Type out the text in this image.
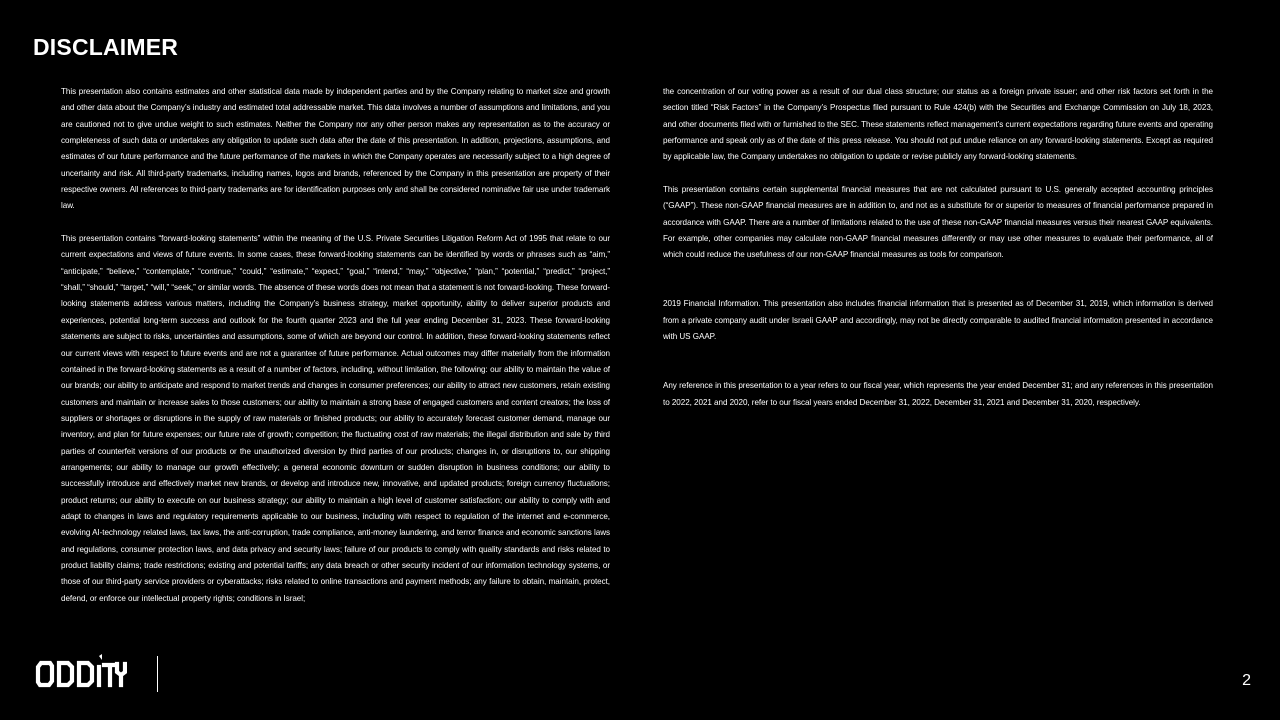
DISCLAIMER

This presentation also contains estimates and other statistical data made by independent parties and by the Company relating to market size and growth and other data about the Company’s industry and estimated total addressable market. This data involves a number of assumptions and limitations, and you are cautioned not to give undue weight to such estimates. Neither the Company nor any other person makes any representation as to the accuracy or completeness of such data or undertakes any obligation to update such data after the date of this presentation. In addition, projections, assumptions, and estimates of our future performance and the future performance of the markets in which the Company operates are necessarily subject to a high degree of uncertainty and risk. All third-party trademarks, including names, logos and brands, referenced by the Company in this presentation are property of their respective owners. All references to third-party trademarks are for identification purposes only and shall be considered nominative fair use under trademark law.

This presentation contains “forward-looking statements” within the meaning of the U.S. Private Securities Litigation Reform Act of 1995 that relate to our current expectations and views of future events. In some cases, these forward-looking statements can be identified by words or phrases such as “aim,” “anticipate,” “believe,” “contemplate,” “continue,” “could,” “estimate,” “expect,” “goal,” “intend,” “may,” “objective,” “plan,” “potential,” “predict,” “project,” “shall,” “should,” “target,” “will,” “seek,” or similar words. The absence of these words does not mean that a statement is not forward-looking. These forward-looking statements address various matters, including the Company’s business strategy, market opportunity, ability to deliver superior products and experiences, potential long-term success and outlook for the fourth quarter 2023 and the full year ending December 31, 2023. These forward-looking statements are subject to risks, uncertainties and assumptions, some of which are beyond our control. In addition, these forward-looking statements reflect our current views with respect to future events and are not a guarantee of future performance. Actual outcomes may differ materially from the information contained in the forward-looking statements as a result of a number of factors, including, without limitation, the following: our ability to maintain the value of our brands; our ability to anticipate and respond to market trends and changes in consumer preferences; our ability to attract new customers, retain existing customers and maintain or increase sales to those customers; our ability to maintain a strong base of engaged customers and content creators; the loss of suppliers or shortages or disruptions in the supply of raw materials or finished products; our ability to accurately forecast customer demand, manage our inventory, and plan for future expenses; our future rate of growth; competition; the fluctuating cost of raw materials; the illegal distribution and sale by third parties of counterfeit versions of our products or the unauthorized diversion by third parties of our products; changes in, or disruptions to, our shipping arrangements; our ability to manage our growth effectively; a general economic downturn or sudden disruption in business conditions; our ability to successfully introduce and effectively market new brands, or develop and introduce new, innovative, and updated products; foreign currency fluctuations; product returns; our ability to execute on our business strategy; our ability to maintain a high level of customer satisfaction; our ability to comply with and adapt to changes in laws and regulatory requirements applicable to our business, including with respect to regulation of the internet and e-commerce, evolving AI-technology related laws, tax laws, the anti-corruption, trade compliance, anti-money laundering, and terror finance and economic sanctions laws and regulations, consumer protection laws, and data privacy and security laws; failure of our products to comply with quality standards and risks related to product liability claims; trade restrictions; existing and potential tariffs; any data breach or other security incident of our information technology systems, or those of our third-party service providers or cyberattacks; risks related to online transactions and payment methods; any failure to obtain, maintain, protect, defend, or enforce our intellectual property rights; conditions in Israel;

the concentration of our voting power as a result of our dual class structure; our status as a foreign private issuer; and other risk factors set forth in the section titled “Risk Factors” in the Company’s Prospectus filed pursuant to Rule 424(b) with the Securities and Exchange Commission on July 18, 2023, and other documents filed with or furnished to the SEC. These statements reflect management’s current expectations regarding future events and operating performance and speak only as of the date of this press release. You should not put undue reliance on any forward-looking statements. Except as required by applicable law, the Company undertakes no obligation to update or revise publicly any forward-looking statements.

This presentation contains certain supplemental financial measures that are not calculated pursuant to U.S. generally accepted accounting principles (“GAAP”). These non-GAAP financial measures are in addition to, and not as a substitute for or superior to measures of financial performance prepared in accordance with GAAP. There are a number of limitations related to the use of these non-GAAP financial measures versus their nearest GAAP equivalents. For example, other companies may calculate non-GAAP financial measures differently or may use other measures to evaluate their performance, all of which could reduce the usefulness of our non-GAAP financial measures as tools for comparison.

2019 Financial Information. This presentation also includes financial information that is presented as of December 31, 2019, which information is derived from a private company audit under Israeli GAAP and accordingly, may not be directly comparable to audited financial information presented in accordance with US GAAP.

Any reference in this presentation to a year refers to our fiscal year, which represents the year ended December 31; and any references in this presentation to 2022, 2021 and 2020, refer to our fiscal years ended December 31, 2022, December 31, 2021 and December 31, 2020, respectively.

2
